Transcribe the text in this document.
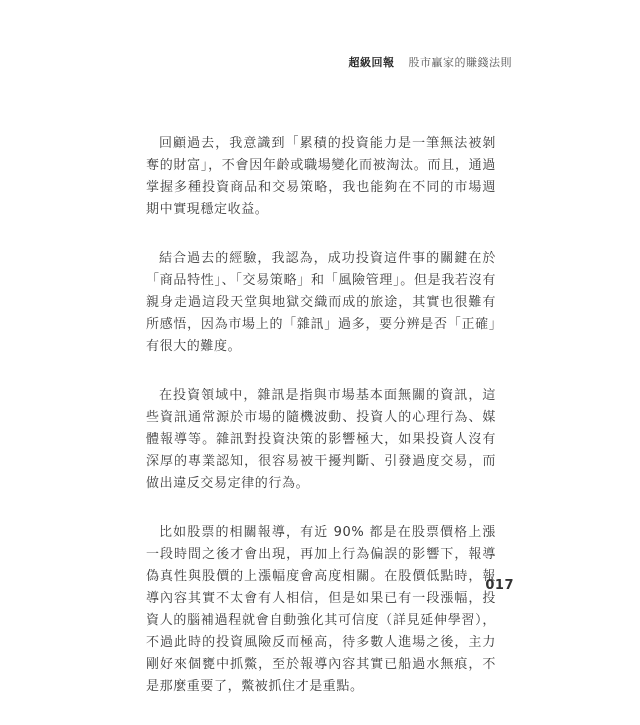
超級回報 股市贏家的賺錢法則

回顧過去，我意識到「累積的投資能力是一筆無法被剝奪的財富」，不會因年齡或職場變化而被淘汰。而且，通過掌握多種投資商品和交易策略，我也能夠在不同的市場週期中實現穩定收益。

結合過去的經驗，我認為，成功投資這件事的關鍵在於「商品特性」、「交易策略」和「風險管理」。但是我若沒有親身走過這段天堂與地獄交織而成的旅途，其實也很難有所感悟，因為市場上的「雜訊」過多，要分辨是否「正確」有很大的難度。

在投資領域中，雜訊是指與市場基本面無關的資訊，這些資訊通常源於市場的隨機波動、投資人的心理行為、媒體報導等。雜訊對投資決策的影響極大，如果投資人沒有深厚的專業認知，很容易被干擾判斷、引發過度交易，而做出違反交易定律的行為。

比如股票的相關報導，有近 90% 都是在股票價格上漲一段時間之後才會出現，再加上行為偏誤的影響下，報導偽真性與股價的上漲幅度會高度相關。在股價低點時，報導內容其實不太會有人相信，但是如果已有一段漲幅，投資人的腦補過程就會自動強化其可信度（詳見延伸學習），不過此時的投資風險反而極高，待多數人進場之後，主力剛好來個甕中抓鱉，至於報導內容其實已船過水無痕，不是那麼重要了，鱉被抓住才是重點。

017
